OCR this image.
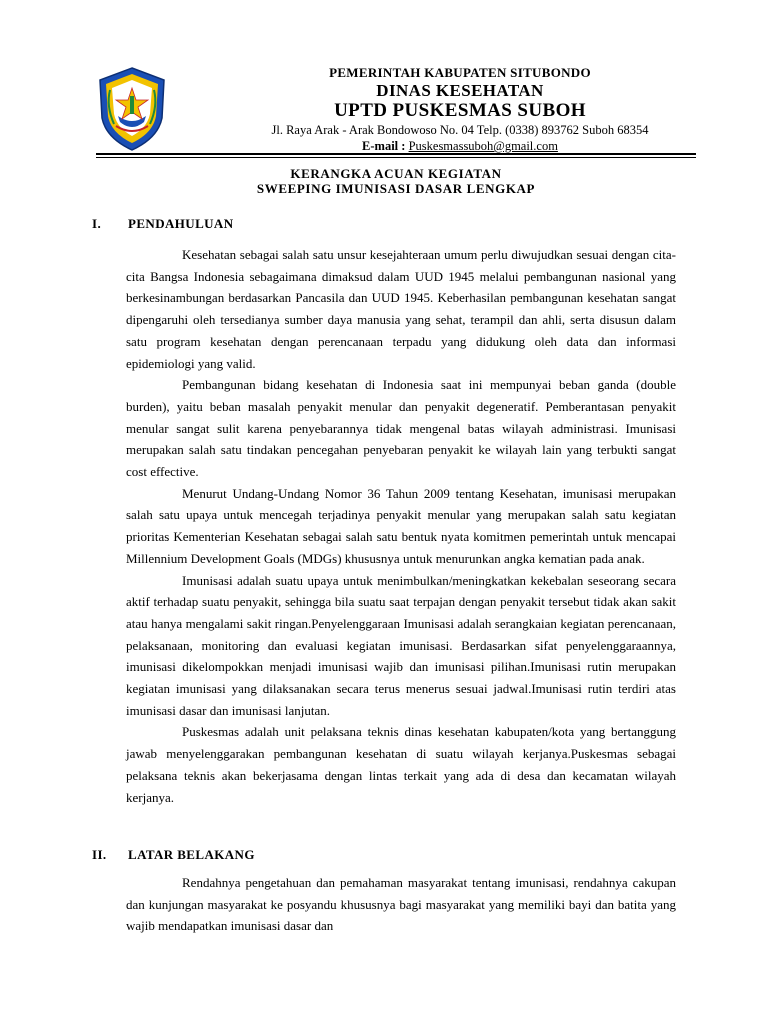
PEMERINTAH KABUPATEN SITUBONDO
DINAS KESEHATAN
UPTD PUSKESMAS SUBOH
Jl. Raya Arak - Arak Bondowoso No. 04 Telp. (0338) 893762 Suboh 68354
E-mail : Puskesmassuboh@gmail.com
KERANGKA ACUAN KEGIATAN
SWEEPING IMUNISASI DASAR LENGKAP
I. PENDAHULUAN

Kesehatan sebagai salah satu unsur kesejahteraan umum perlu diwujudkan sesuai dengan cita-cita Bangsa Indonesia sebagaimana dimaksud dalam UUD 1945 melalui pembangunan nasional yang berkesinambungan berdasarkan Pancasila dan UUD 1945. Keberhasilan pembangunan kesehatan sangat dipengaruhi oleh tersedianya sumber daya manusia yang sehat, terampil dan ahli, serta disusun dalam satu program kesehatan dengan perencanaan terpadu yang didukung oleh data dan informasi epidemiologi yang valid.

Pembangunan bidang kesehatan di Indonesia saat ini mempunyai beban ganda (double burden), yaitu beban masalah penyakit menular dan penyakit degeneratif. Pemberantasan penyakit menular sangat sulit karena penyebarannya tidak mengenal batas wilayah administrasi. Imunisasi merupakan salah satu tindakan pencegahan penyebaran penyakit ke wilayah lain yang terbukti sangat cost effective.

Menurut Undang-Undang Nomor 36 Tahun 2009 tentang Kesehatan, imunisasi merupakan salah satu upaya untuk mencegah terjadinya penyakit menular yang merupakan salah satu kegiatan prioritas Kementerian Kesehatan sebagai salah satu bentuk nyata komitmen pemerintah untuk mencapai Millennium Development Goals (MDGs) khususnya untuk menurunkan angka kematian pada anak.

Imunisasi adalah suatu upaya untuk menimbulkan/meningkatkan kekebalan seseorang secara aktif terhadap suatu penyakit, sehingga bila suatu saat terpajan dengan penyakit tersebut tidak akan sakit atau hanya mengalami sakit ringan.Penyelenggaraan Imunisasi adalah serangkaian kegiatan perencanaan, pelaksanaan, monitoring dan evaluasi kegiatan imunisasi. Berdasarkan sifat penyelenggaraannya, imunisasi dikelompokkan menjadi imunisasi wajib dan imunisasi pilihan.Imunisasi rutin merupakan kegiatan imunisasi yang dilaksanakan secara terus menerus sesuai jadwal.Imunisasi rutin terdiri atas imunisasi dasar dan imunisasi lanjutan.

Puskesmas adalah unit pelaksana teknis dinas kesehatan kabupaten/kota yang bertanggung jawab menyelenggarakan pembangunan kesehatan di suatu wilayah kerjanya.Puskesmas sebagai pelaksana teknis akan bekerjasama dengan lintas terkait yang ada di desa dan kecamatan wilayah kerjanya.

II. LATAR BELAKANG

Rendahnya pengetahuan dan pemahaman masyarakat tentang imunisasi, rendahnya cakupan dan kunjungan masyarakat ke posyandu khususnya bagi masyarakat yang memiliki bayi dan batita yang wajib mendapatkan imunisasi dasar dan
